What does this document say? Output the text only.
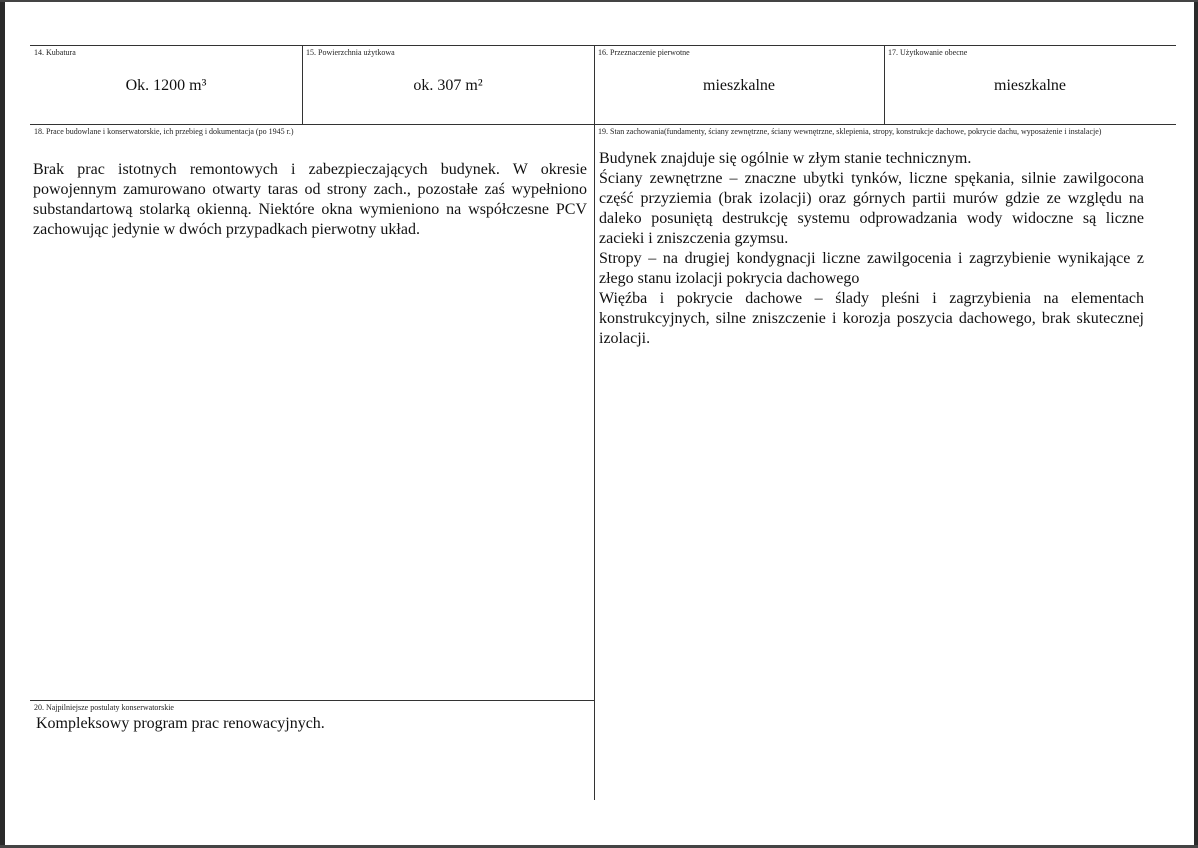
14. Kubatura
Ok. 1200 m³
15. Powierzchnia użytkowa
ok. 307 m²
16. Przeznaczenie pierwotne
mieszkalne
17. Użytkowanie obecne
mieszkalne
18. Prace budowlane i konserwatorskie, ich przebieg i dokumentacja (po 1945 r.)
Brak prac istotnych remontowych i zabezpieczających budynek. W okresie powojennym zamurowano otwarty taras od strony zach., pozostałe zaś wypełniono substandartową stolarką okienną. Niektóre okna wymieniono na współczesne PCV zachowując jedynie w dwóch przypadkach pierwotny układ.
19. Stan zachowania(fundamenty, ściany zewnętrzne, ściany wewnętrzne, sklepienia, stropy, konstrukcje dachowe, pokrycie dachu, wyposażenie i instalacje)

Budynek znajduje się ogólnie w złym stanie technicznym.

Ściany zewnętrzne – znaczne ubytki tynków, liczne spękania, silnie zawilgocona część przyziemia (brak izolacji) oraz górnych partii murów gdzie ze względu na daleko posuniętą destrukcję systemu odprowadzania wody widoczne są liczne zacieki i zniszczenia gzymsu.

Stropy – na drugiej kondygnacji liczne zawilgocenia i zagrzybienie wynikające z złego stanu izolacji pokrycia dachowego

Więźba i pokrycie dachowe – ślady pleśni i zagrzybienia na elementach konstrukcyjnych, silne zniszczenie i korozja poszycia dachowego, brak skutecznej izolacji.

20. Najpilniejsze postulaty konserwatorskie
Kompleksowy program prac renowacyjnych.
